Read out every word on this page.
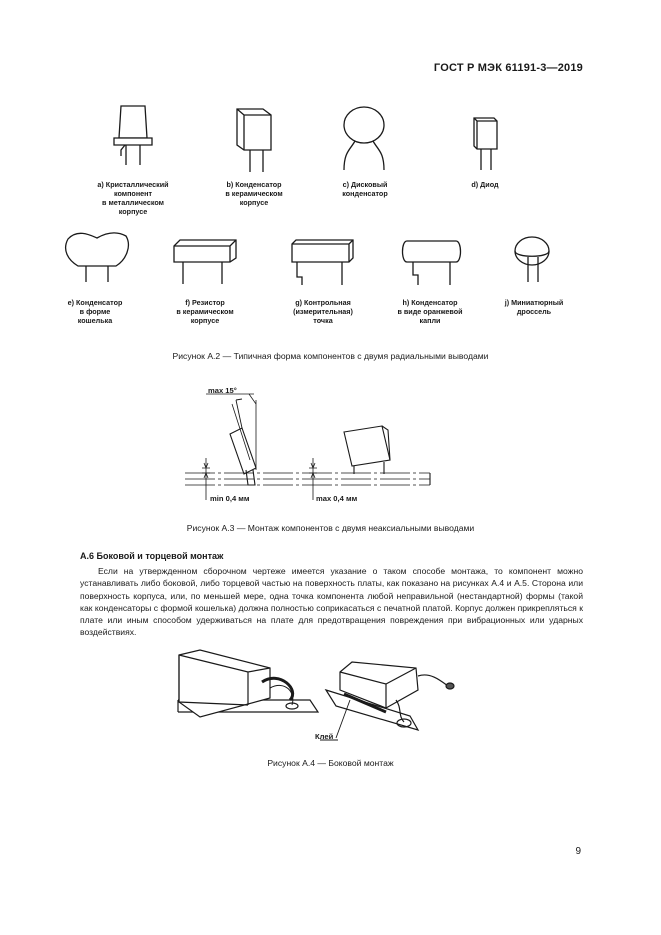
ГОСТ Р МЭК 61191-3—2019
a) Кристаллический
компонент
в металлическом
корпусе
b) Конденсатор
в керамическом
корпусе
c) Дисковый
конденсатор
d) Диод
e) Конденсатор
в форме
кошелька
f) Резистор
в керамическом
корпусе
g) Контрольная
(измерительная)
точка
h) Конденсатор
в виде оранжевой
капли
j) Миниатюрный
дроссель
Рисунок А.2 — Типичная форма компонентов с двумя радиальными выводами
max 15°
min 0,4 мм	max 0,4 мм
Рисунок А.3 — Монтаж компонентов с двумя неаксиальными выводами
А.6 Боковой и торцевой монтаж
Если на утвержденном сборочном чертеже имеется указание о таком способе монтажа, то компонент можно устанавливать либо боковой, либо торцевой частью на поверхность платы, как показано на рисунках А.4 и А.5. Сторона или поверхность корпуса, или, по меньшей мере, одна точка компонента любой неправильной (нестандартной) формы (такой как конденсаторы с формой кошелька) должна полностью соприкасаться с печатной платой. Корпус должен прикрепляться к плате или иным способом удерживаться на плате для предотвращения повреждения при вибрационных или ударных воздействиях.
Клей
Рисунок А.4 — Боковой монтаж
9
